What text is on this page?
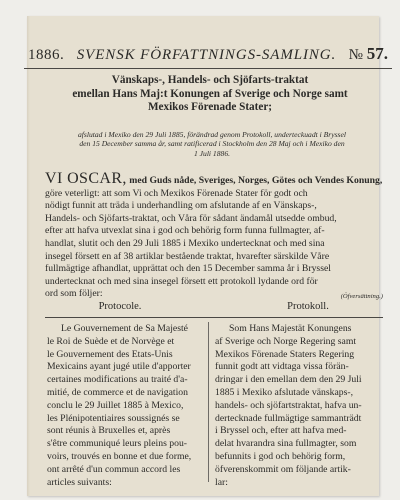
1886. SVENSK FÖRFATTNINGS-SAMLING. № 57.
Vänskaps-, Handels- och Sjöfarts-traktat
emellan Hans Maj:t Konungen af Sverige och Norge samt
Mexikos Förenade Stater;
afslutad i Mexiko den 29 Juli 1885, förändrad genom Protokoll, underteckuadt i Bryssel
den 15 December samma år, samt ratificerad i Stockholm den 28 Maj och i Mexiko den
1 Juli 1886.
VI OSCAR, med Guds nåde, Sveriges, Norges, Götes och Vendes Konung,
göre veterligt: att som Vi och Mexikos Förenade Stater för godt och
nödigt funnit att träda i underhandling om afslutande af en Vänskaps-,
Handels- och Sjöfarts-traktat, och Våra för sådant ändamål utsedde ombud,
efter att hafva utvexlat sina i god och behörig form funna fullmagter, af-
handlat, slutit och den 29 Juli 1885 i Mexiko undertecknat och med sina
insegel försett en af 38 artiklar bestående traktat, hvarefter särskilde Våre
fullmägtige afhandlat, upprättat och den 15 December samma år i Bryssel
undertecknat och med sina insegel försett ett protokoll lydande ord för
ord som följer:	(Öfversättning.)
Protocole.	Protokoll.
Le Gouvernement de Sa Majesté
le Roi de Suède et de Norvège et
le Gouvernement des Etats-Unis
Mexicains ayant jugé utile d'apporter
certaines modifications au traité d'a-
mitié, de commerce et de navigation
conclu le 29 Juillet 1885 à Mexico,
les Plénipotentiaires soussignés se
sont réunis à Bruxelles et, après
s'être communiqué leurs pleins pou-
voirs, trouvés en bonne et due forme,
ont arrêté d'un commun accord les
articles suivants:
Som Hans Majestät Konungens
af Sverige och Norge Regering samt
Mexikos Förenade Staters Regering
funnit godt att vidtaga vissa förän-
dringar i den emellan dem den 29 Juli
1885 i Mexiko afslutade vänskaps-,
handels- och sjöfartstraktat, hafva un-
dertecknade fullmägtige sammanträdt
i Bryssel och, efter att hafva med-
delat hvarandra sina fullmagter, som
befunnits i god och behörig form,
öfverenskommit om följande artik-
lar:
